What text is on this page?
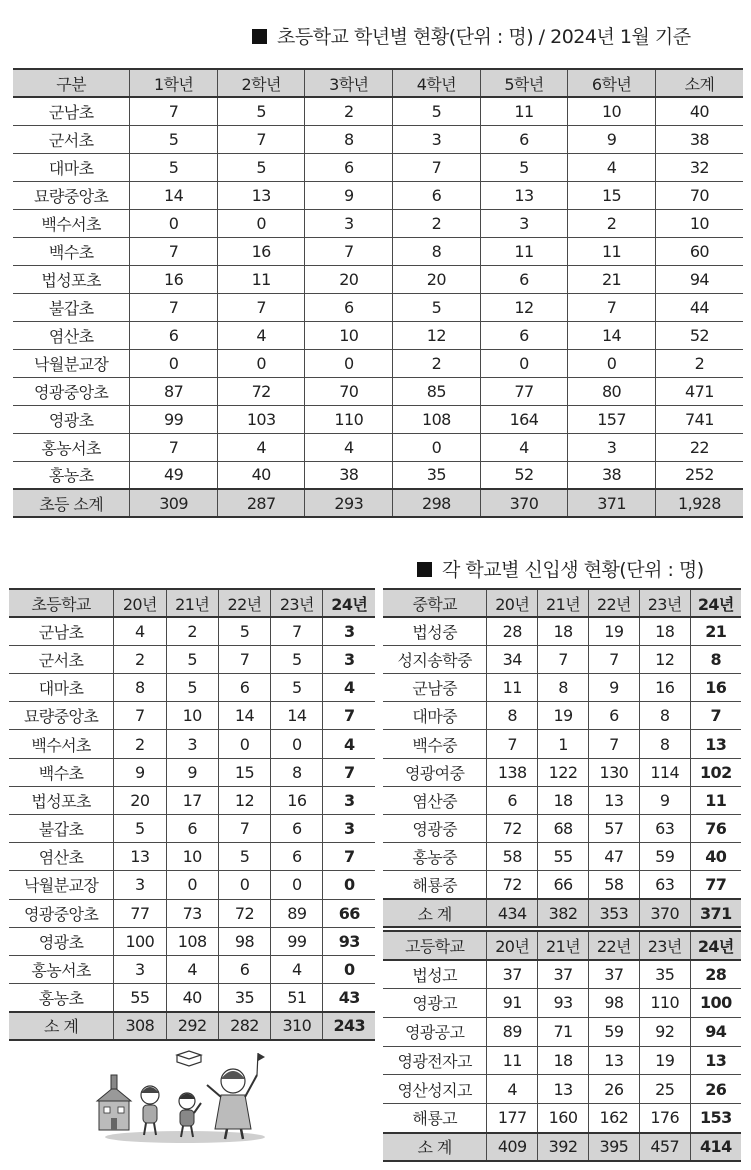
초등학교 학년별 현황(단위 : 명) / 2024년 1월 기준
구분	1학년	2학년	3학년	4학년	5학년	6학년	소계
군남초	7	5	2	5	11	10	40
군서초	5	7	8	3	6	9	38
대마초	5	5	6	7	5	4	32
묘량중앙초	14	13	9	6	13	15	70
백수서초	0	0	3	2	3	2	10
백수초	7	16	7	8	11	11	60
법성포초	16	11	20	20	6	21	94
불갑초	7	7	6	5	12	7	44
염산초	6	4	10	12	6	14	52
낙월분교장	0	0	0	2	0	0	2
영광중앙초	87	72	70	85	77	80	471
영광초	99	103	110	108	164	157	741
홍농서초	7	4	4	0	4	3	22
홍농초	49	40	38	35	52	38	252
초등 소계	309	287	293	298	370	371	1,928
각 학교별 신입생 현황(단위 : 명)
초등학교	20년	21년	22년	23년	24년
군남초	4	2	5	7	3
군서초	2	5	7	5	3
대마초	8	5	6	5	4
묘량중앙초	7	10	14	14	7
백수서초	2	3	0	0	4
백수초	9	9	15	8	7
법성포초	20	17	12	16	3
불갑초	5	6	7	6	3
염산초	13	10	5	6	7
낙월분교장	3	0	0	0	0
영광중앙초	77	73	72	89	66
영광초	100	108	98	99	93
홍농서초	3	4	6	4	0
홍농초	55	40	35	51	43
소 계	308	292	282	310	243
중학교	20년	21년	22년	23년	24년
법성중	28	18	19	18	21
성지송학중	34	7	7	12	8
군남중	11	8	9	16	16
대마중	8	19	6	8	7
백수중	7	1	7	8	13
영광여중	138	122	130	114	102
염산중	6	18	13	9	11
영광중	72	68	57	63	76
홍농중	58	55	47	59	40
해룡중	72	66	58	63	77
소 계	434	382	353	370	371
고등학교	20년	21년	22년	23년	24년
법성고	37	37	37	35	28
영광고	91	93	98	110	100
영광공고	89	71	59	92	94
영광전자고	11	18	13	19	13
영산성지고	4	13	26	25	26
해룡고	177	160	162	176	153
소 계	409	392	395	457	414
